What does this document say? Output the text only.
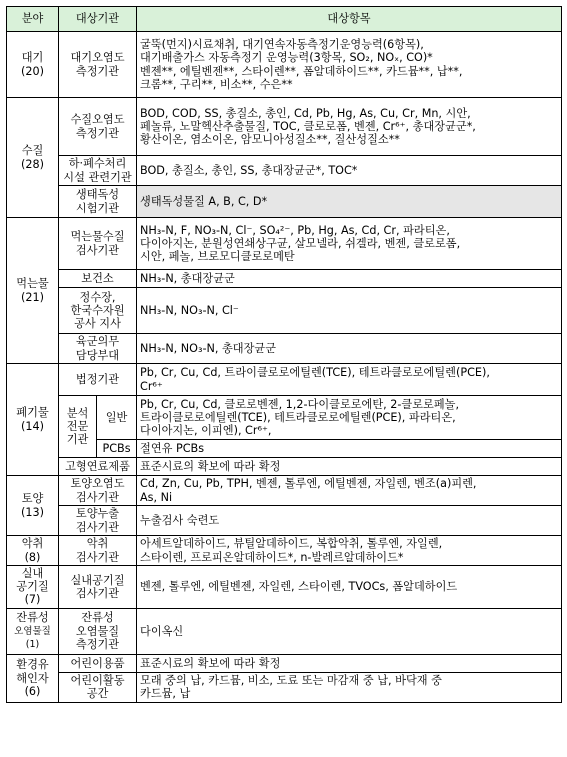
분야	대상기관		대상항목

대기
(20)	대기오염도
측정기관		굴뚝(먼지)시료채취, 대기연속자동측정기운영능력(6항목),
대기배출가스 자동측정기 운영능력(3항목, SO₂, NOₓ, CO)*
벤젠**, 에틸벤젠**, 스타이렌**, 폼알데하이드**, 카드뮴**, 납**,
크롬**, 구리**, 비소**, 수은**

수질
(28)	수질오염도
측정기관		BOD, COD, SS, 총질소, 총인, Cd, Pb, Hg, As, Cu, Cr, Mn, 시안,
페놀류, 노말헥산추출물질, TOC, 클로로폼, 벤젠, Cr⁶⁺, 총대장균군*,
황산이온, 염소이온, 암모니아성질소**, 질산성질소**

	하·폐수처리
시설 관련기관		BOD, 총질소, 총인, SS, 총대장균군*, TOC*

	생태독성
시험기관		생태독성물질 A, B, C, D*

먹는물
(21)	먹는물수질
검사기관		NH₃-N, F, NO₃-N, Cl⁻, SO₄²⁻, Pb, Hg, As, Cd, Cr, 파라티온,
다이아지논, 분원성연쇄상구균, 살모넬라, 쉬겔라, 벤젠, 클로로폼,
시안, 페놀, 브로모디클로로메탄

	보건소		NH₃-N, 총대장균군

	정수장,
한국수자원
공사 지사		NH₃-N, NO₃-N, Cl⁻

	육군의무
담당부대		NH₃-N, NO₃-N, 총대장균군

폐기물
(14)	법정기관		Pb, Cr, Cu, Cd, 트라이클로로에틸렌(TCE), 테트라클로로에틸렌(PCE),
Cr⁶⁺

	분석
전문
기관	일반	Pb, Cr, Cu, Cd, 클로로벤젠, 1,2-다이클로로에탄, 2-클로로페놀,
트라이클로로에틸렌(TCE), 테트라클로로에틸렌(PCE), 파라티온,
다이아지논, 이피엔), Cr⁶⁺,

		PCBs	절연유 PCBs

	고형연료제품		표준시료의 확보에 따라 확정

토양
(13)	토양오염도
검사기관		Cd, Zn, Cu, Pb, TPH, 벤젠, 톨루엔, 에틸벤젠, 자일렌, 벤조(a)피렌,
As, Ni

	토양누출
검사기관		누출검사 숙련도

악취
(8)	악취
검사기관		아세트알데하이드, 뷰틸알데하이드, 복합악취, 톨루엔, 자일렌,
스타이렌, 프로피온알데하이드*, n-발레르알데하이드*

실내
공기질
(7)	실내공기질
검사기관		벤젠, 톨루엔, 에틸벤젠, 자일렌, 스타이렌, TVOCs, 폼알데하이드

잔류성
오염물질(1)	잔류성
오염물질
측정기관		다이옥신

환경유
해인자
(6)	어린이용품		표준시료의 확보에 따라 확정

	어린이활동
공간		모래 중의 납, 카드뮴, 비소, 도료 또는 마감재 중 납, 바닥재 중
카드뮴, 납
